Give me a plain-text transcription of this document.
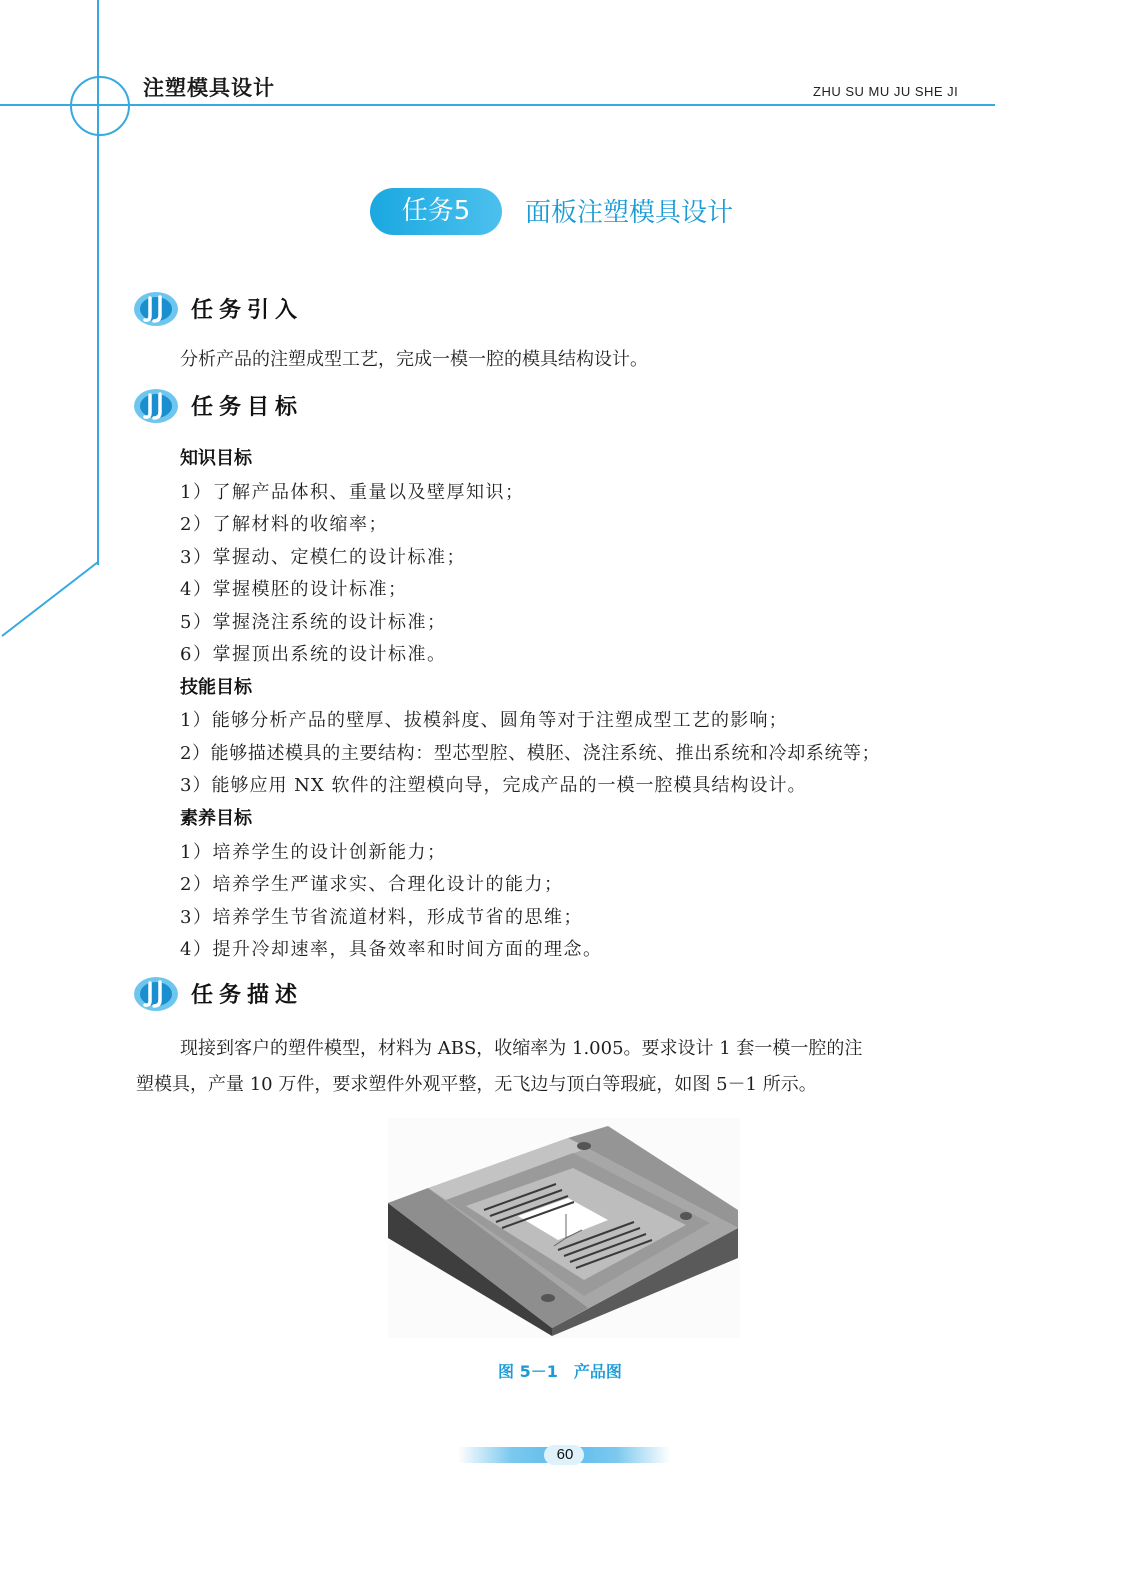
注塑模具设计	ZHU SU MU JU SHE JI
任务5	面板注塑模具设计
任务引入
分析产品的注塑成型工艺，完成一模一腔的模具结构设计。
任务目标
知识目标
1）了解产品体积、重量以及壁厚知识；
2）了解材料的收缩率；
3）掌握动、定模仁的设计标准；
4）掌握模胚的设计标准；
5）掌握浇注系统的设计标准；
6）掌握顶出系统的设计标准。
技能目标
1）能够分析产品的壁厚、拔模斜度、圆角等对于注塑成型工艺的影响；
2）能够描述模具的主要结构：型芯型腔、模胚、浇注系统、推出系统和冷却系统等；
3）能够应用 NX 软件的注塑模向导，完成产品的一模一腔模具结构设计。
素养目标
1）培养学生的设计创新能力；
2）培养学生严谨求实、合理化设计的能力；
3）培养学生节省流道材料，形成节省的思维；
4）提升冷却速率，具备效率和时间方面的理念。
任务描述
现接到客户的塑件模型，材料为 ABS，收缩率为 1.005。要求设计 1 套一模一腔的注
塑模具，产量 10 万件，要求塑件外观平整，无飞边与顶白等瑕疵，如图 5－1 所示。
图 5－1　产品图
60
